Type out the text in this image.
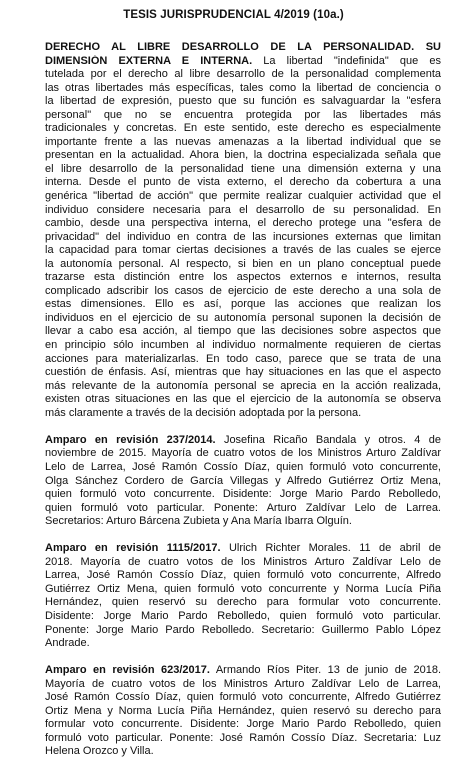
TESIS JURISPRUDENCIAL 4/2019 (10a.)
DERECHO AL LIBRE DESARROLLO DE LA PERSONALIDAD. SU
DIMENSIÓN EXTERNA E INTERNA. La libertad "indefinida" que es
tutelada por el derecho al libre desarrollo de la personalidad complementa
las otras libertades más específicas, tales como la libertad de conciencia o
la libertad de expresión, puesto que su función es salvaguardar la "esfera
personal" que no se encuentra protegida por las libertades más
tradicionales y concretas. En este sentido, este derecho es especialmente
importante frente a las nuevas amenazas a la libertad individual que se
presentan en la actualidad. Ahora bien, la doctrina especializada señala que
el libre desarrollo de la personalidad tiene una dimensión externa y una
interna. Desde el punto de vista externo, el derecho da cobertura a una
genérica "libertad de acción" que permite realizar cualquier actividad que el
individuo considere necesaria para el desarrollo de su personalidad. En
cambio, desde una perspectiva interna, el derecho protege una "esfera de
privacidad" del individuo en contra de las incursiones externas que limitan
la capacidad para tomar ciertas decisiones a través de las cuales se ejerce
la autonomía personal. Al respecto, si bien en un plano conceptual puede
trazarse esta distinción entre los aspectos externos e internos, resulta
complicado adscribir los casos de ejercicio de este derecho a una sola de
estas dimensiones. Ello es así, porque las acciones que realizan los
individuos en el ejercicio de su autonomía personal suponen la decisión de
llevar a cabo esa acción, al tiempo que las decisiones sobre aspectos que
en principio sólo incumben al individuo normalmente requieren de ciertas
acciones para materializarlas. En todo caso, parece que se trata de una
cuestión de énfasis. Así, mientras que hay situaciones en las que el aspecto
más relevante de la autonomía personal se aprecia en la acción realizada,
existen otras situaciones en las que el ejercicio de la autonomía se observa
más claramente a través de la decisión adoptada por la persona.
Amparo en revisión 237/2014. Josefina Ricaño Bandala y otros. 4 de
noviembre de 2015. Mayoría de cuatro votos de los Ministros Arturo Zaldívar
Lelo de Larrea, José Ramón Cossío Díaz, quien formuló voto concurrente,
Olga Sánchez Cordero de García Villegas y Alfredo Gutiérrez Ortiz Mena,
quien formuló voto concurrente. Disidente: Jorge Mario Pardo Rebolledo,
quien formuló voto particular. Ponente: Arturo Zaldívar Lelo de Larrea.
Secretarios: Arturo Bárcena Zubieta y Ana María Ibarra Olguín.
Amparo en revisión 1115/2017. Ulrich Richter Morales. 11 de abril de
2018. Mayoría de cuatro votos de los Ministros Arturo Zaldívar Lelo de
Larrea, José Ramón Cossío Díaz, quien formuló voto concurrente, Alfredo
Gutiérrez Ortiz Mena, quien formuló voto concurrente y Norma Lucía Piña
Hernández, quien reservó su derecho para formular voto concurrente.
Disidente: Jorge Mario Pardo Rebolledo, quien formuló voto particular.
Ponente: Jorge Mario Pardo Rebolledo. Secretario: Guillermo Pablo López
Andrade.
Amparo en revisión 623/2017. Armando Ríos Piter. 13 de junio de 2018.
Mayoría de cuatro votos de los Ministros Arturo Zaldívar Lelo de Larrea,
José Ramón Cossío Díaz, quien formuló voto concurrente, Alfredo Gutiérrez
Ortiz Mena y Norma Lucía Piña Hernández, quien reservó su derecho para
formular voto concurrente. Disidente: Jorge Mario Pardo Rebolledo, quien
formuló voto particular. Ponente: José Ramón Cossío Díaz. Secretaria: Luz
Helena Orozco y Villa.
